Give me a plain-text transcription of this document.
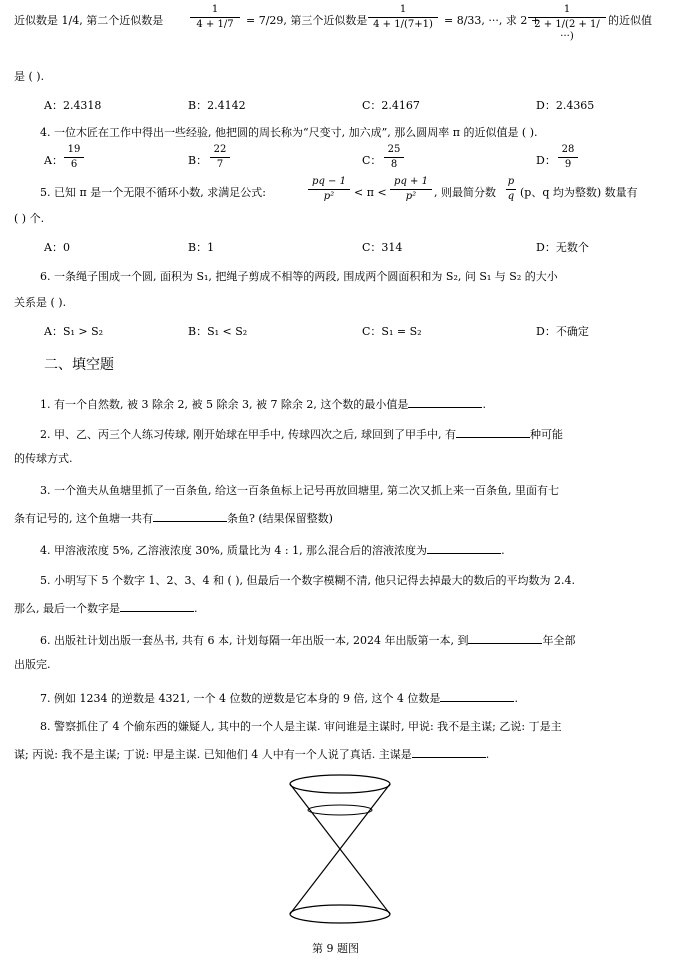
近似数是 1/4, 第二个近似数是
1
4 + 1/7	= 7/29, 第三个近似数是
1
4 + 1/(7+1)	= 8/33, ···, 求 2 +
1
2 + 1/(2 + 1/···)
的近似值
是 ( ).
A：2.4318	B：2.4142	C：2.4167	D：2.4365
4. 一位木匠在工作中得出一些经验, 他把圆的周长称为“尺变寸, 加六成”, 那么圆周率 π 的近似值是 ( ).
A：
19
6	B：
22
7	C：
25
8	D：
28
9
5. 已知 π 是一个无限不循环小数, 求满足公式:
pq − 1
p²	< π <
pq + 1
p²	, 则最简分数
p
q (p、q 均为整数) 数量有
( ) 个.
A：0	B：1	C：314	D：无数个
6. 一条绳子围成一个圆, 面积为 S₁, 把绳子剪成不相等的两段, 围成两个圆面积和为 S₂, 问 S₁ 与 S₂ 的大小
关系是 ( ).
A：S₁ > S₂	B：S₁ < S₂	C：S₁ = S₂	D：不确定
二、填空题
1. 有一个自然数, 被 3 除余 2, 被 5 除余 3, 被 7 除余 2, 这个数的最小值是	.
2. 甲、乙、丙三个人练习传球, 刚开始球在甲手中, 传球四次之后, 球回到了甲手中, 有	种可能
的传球方式.
3. 一个渔夫从鱼塘里抓了一百条鱼, 给这一百条鱼标上记号再放回塘里, 第二次又抓上来一百条鱼, 里面有七
条有记号的, 这个鱼塘一共有	条鱼? (结果保留整数)
4. 甲溶液浓度 5%, 乙溶液浓度 30%, 质量比为 4 : 1, 那么混合后的溶液浓度为	.
5. 小明写下 5 个数字 1、2、3、4 和 ( ), 但最后一个数字模糊不清, 他只记得去掉最大的数后的平均数为 2.4.
那么, 最后一个数字是	.
6. 出版社计划出版一套丛书, 共有 6 本, 计划每隔一年出版一本, 2024 年出版第一本, 到	年全部
出版完.
7. 例如 1234 的逆数是 4321, 一个 4 位数的逆数是它本身的 9 倍, 这个 4 位数是	.
8. 警察抓住了 4 个偷东西的嫌疑人, 其中的一个人是主谋. 审问谁是主谋时, 甲说: 我不是主谋; 乙说: 丁是主
谋; 丙说: 我不是主谋; 丁说: 甲是主谋. 已知他们 4 人中有一个人说了真话. 主谋是	.
第 9 题图
